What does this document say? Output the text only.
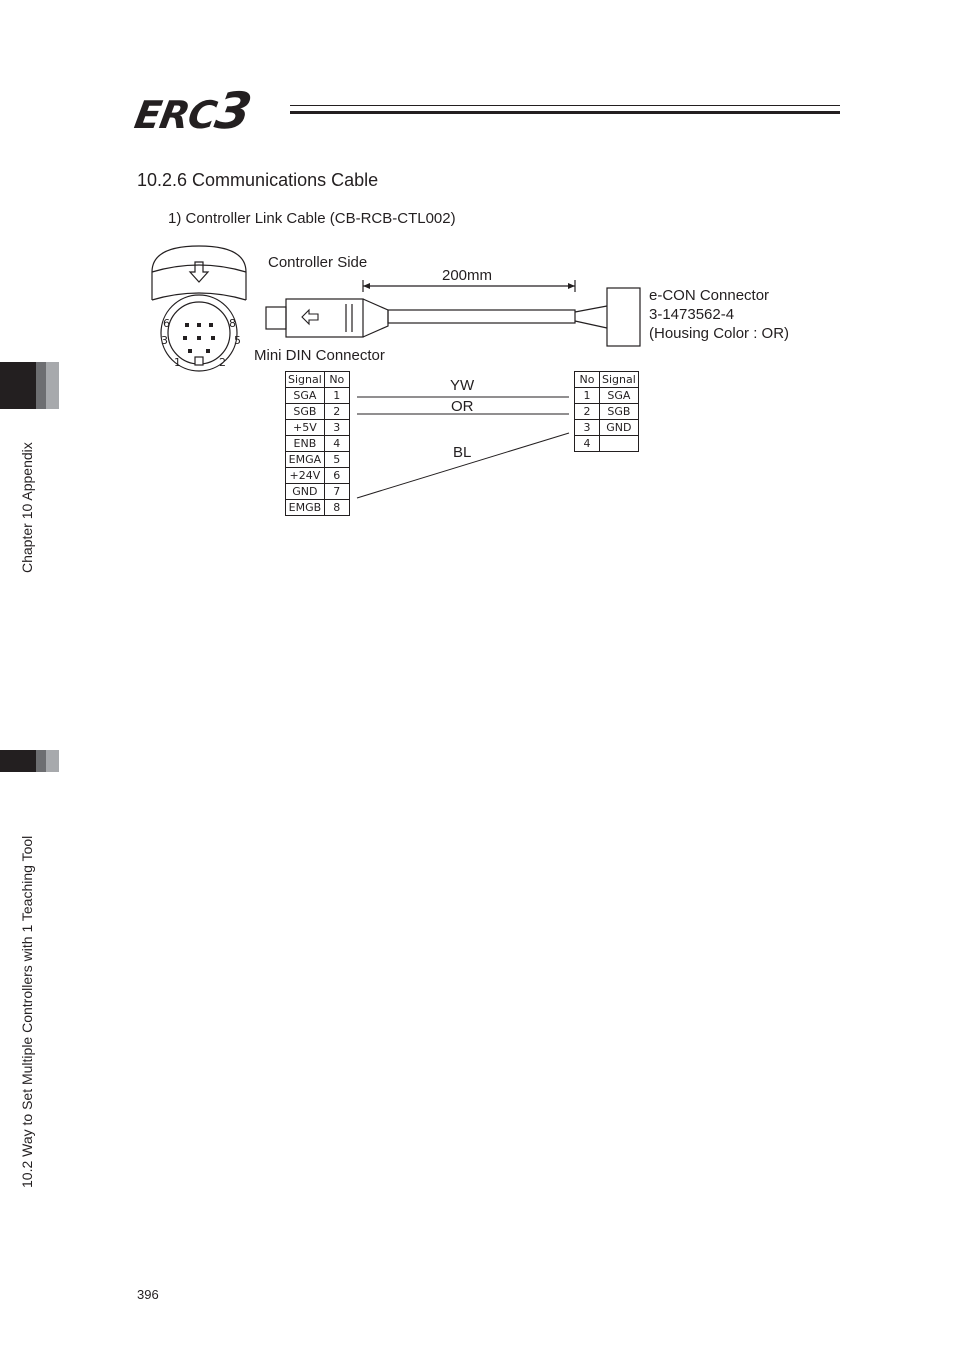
ERC3
10.2.6 Communications Cable
1) Controller Link Cable (CB-RCB-CTL002)
Controller Side
200mm
e-CON Connector
3-1473562-4
(Housing Color : OR)
Mini DIN Connector
YW
OR
BL
6	8
3	5
1	2
Signal	No
SGA	1
SGB	2
+5V	3
ENB	4
EMGA	5
+24V	6
GND	7
EMGB	8
No	Signal
1	SGA
2	SGB
3	GND
4	
Chapter 10 Appendix
10.2 Way to Set Multiple Controllers with 1 Teaching Tool
396
